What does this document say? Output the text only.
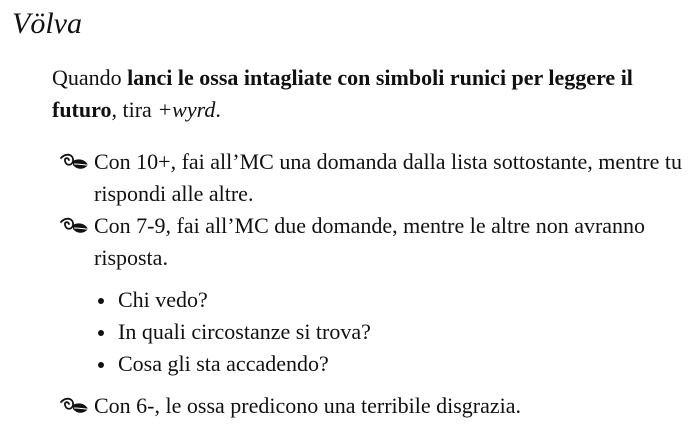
Völva

Quando lanci le ossa intagliate con simboli runici per leggere il futuro, tira +wyrd.

Con 10+, fai all’MC una domanda dalla lista sottostante, mentre tu rispondi alle altre.
Con 7-9, fai all’MC due domande, mentre le altre non avranno risposta.
Chi vedo?
In quali circostanze si trova?
Cosa gli sta accadendo?
Con 6-, le ossa predicono una terribile disgrazia.
